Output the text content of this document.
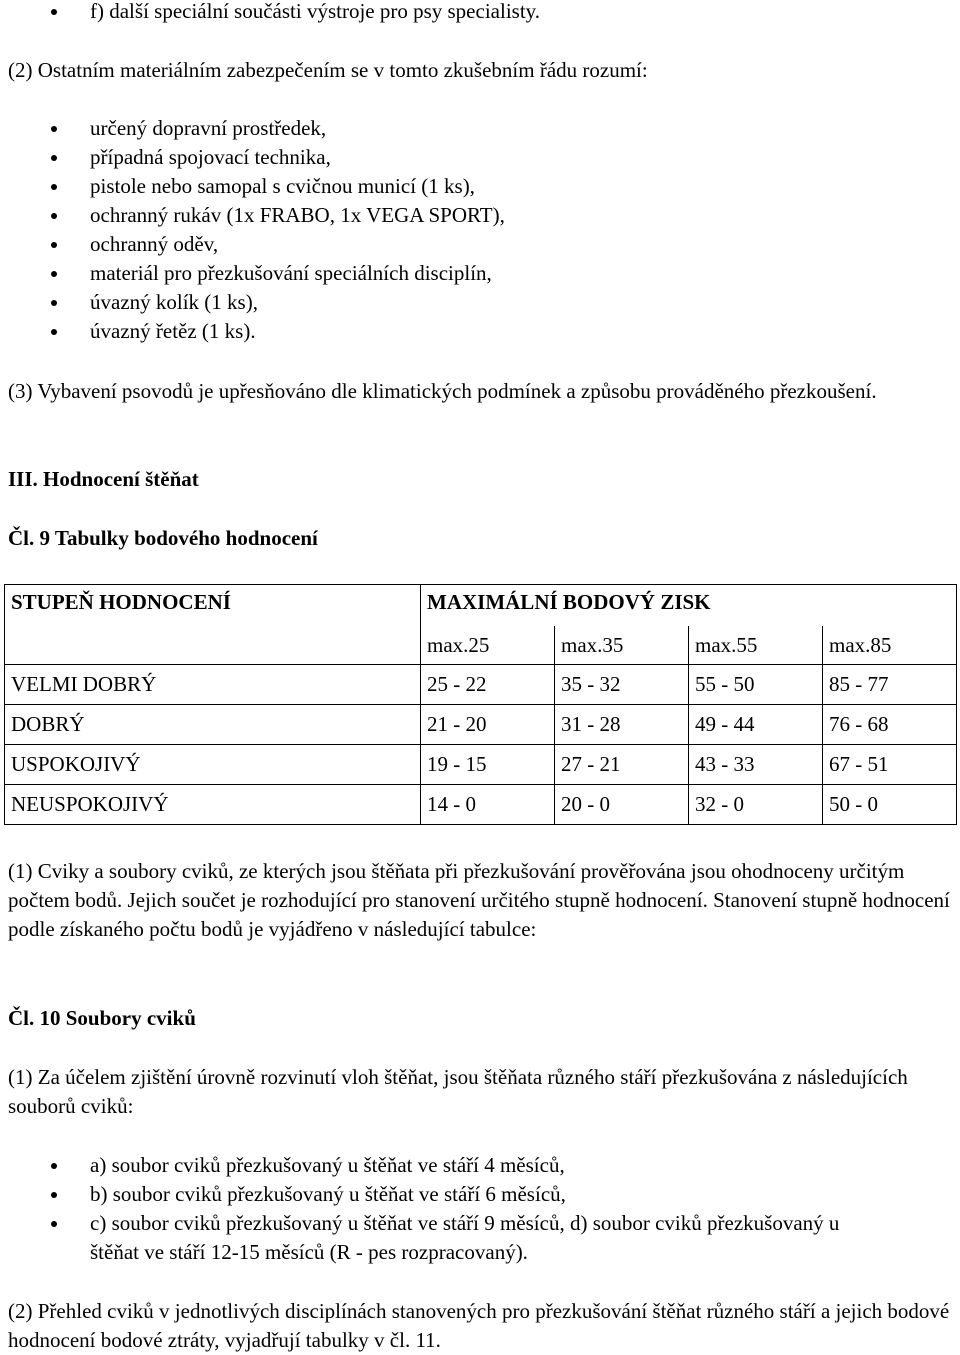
f) další speciální součásti výstroje pro psy specialisty.

(2) Ostatním materiálním zabezpečením se v tomto zkušebním řádu rozumí:

určený dopravní prostředek,
případná spojovací technika,
pistole nebo samopal s cvičnou municí (1 ks),
ochranný rukáv (1x FRABO, 1x VEGA SPORT),
ochranný oděv,
materiál pro přezkušování speciálních disciplín,
úvazný kolík (1 ks),
úvazný řetěz (1 ks).

(3) Vybavení psovodů je upřesňováno dle klimatických podmínek a způsobu prováděného přezkoušení.

III. Hodnocení štěňat
Čl. 9 Tabulky bodového hodnocení
STUPEŇ HODNOCENÍ	MAXIMÁLNÍ BODOVÝ ZISK			
	max.25	max.35	max.55	max.85
VELMI DOBRÝ	25 - 22	35 - 32	55 - 50	85 - 77
DOBRÝ	21 - 20	31 - 28	49 - 44	76 - 68
USPOKOJIVÝ	19 - 15	27 - 21	43 - 33	67 - 51
NEUSPOKOJIVÝ	14 - 0	20 - 0	32 - 0	50 - 0

(1) Cviky a soubory cviků, ze kterých jsou štěňata při přezkušování prověřována jsou ohodnoceny určitým počtem bodů. Jejich součet je rozhodující pro stanovení určitého stupně hodnocení. Stanovení stupně hodnocení podle získaného počtu bodů je vyjádřeno v následující tabulce:

Čl. 10 Soubory cviků

(1) Za účelem zjištění úrovně rozvinutí vloh štěňat, jsou štěňata různého stáří přezkušována z následujících souborů cviků:

a) soubor cviků přezkušovaný u štěňat ve stáří 4 měsíců,
b) soubor cviků přezkušovaný u štěňat ve stáří 6 měsíců,
c) soubor cviků přezkušovaný u štěňat ve stáří 9 měsíců, d) soubor cviků přezkušovaný u štěňat ve stáří 12-15 měsíců (R - pes rozpracovaný).

(2) Přehled cviků v jednotlivých disciplínách stanovených pro přezkušování štěňat různého stáří a jejich bodové hodnocení bodové ztráty, vyjadřují tabulky v čl. 11.
